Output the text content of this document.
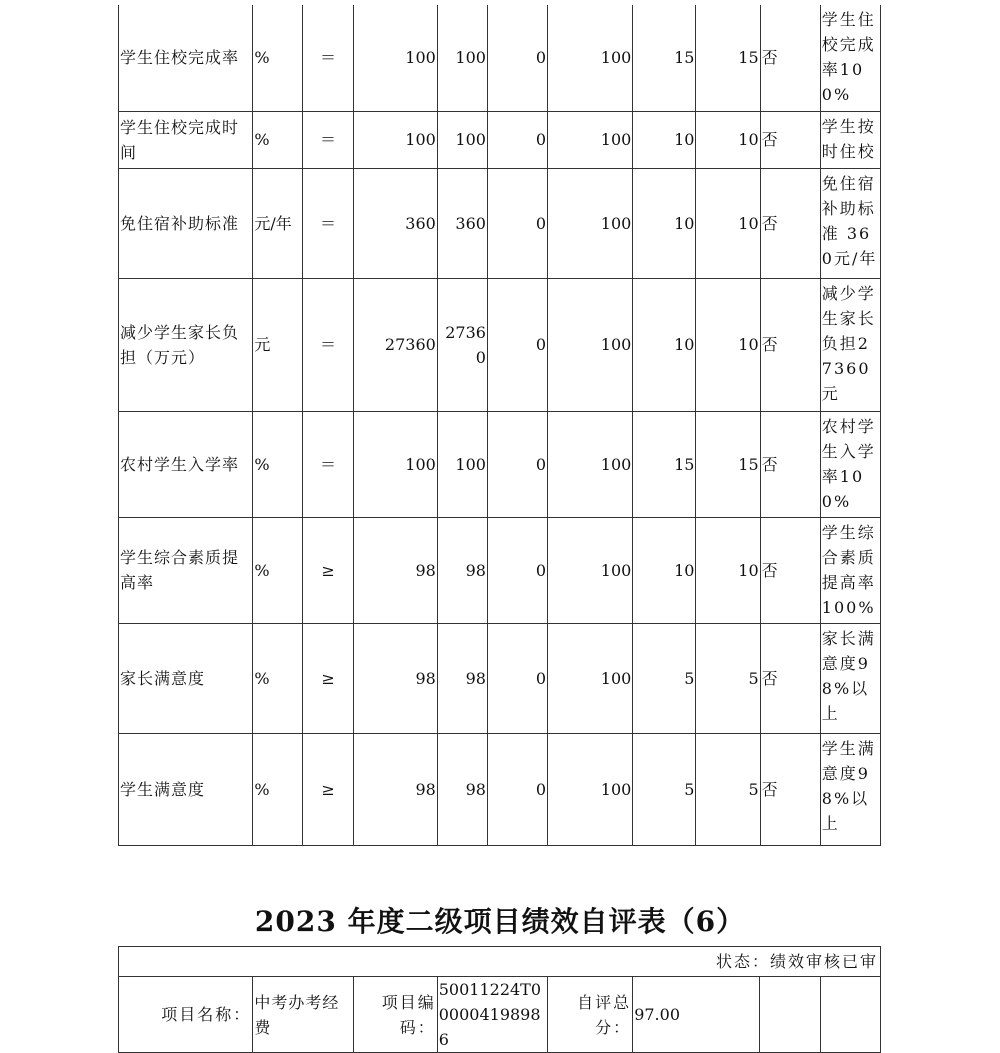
学生住校完成率	%	＝	100	100	0	100	15	15	否	学生住校完成率100%
学生住校完成时间	%	＝	100	100	0	100	10	10	否	学生按时住校
免住宿补助标准	元/年	＝	360	360	0	100	10	10	否	免住宿补助标准 360元/年
减少学生家长负担（万元）	元	＝	27360	27360	0	100	10	10	否	减少学生家长负担27360元
农村学生入学率	%	＝	100	100	0	100	15	15	否	农村学生入学率100%
学生综合素质提高率	%	≥	98	98	0	100	10	10	否	学生综合素质提高率100%
家长满意度	%	≥	98	98	0	100	5	5	否	家长满意度98%以上
学生满意度	%	≥	98	98	0	100	5	5	否	学生满意度98%以上
2023 年度二级项目绩效自评表（6）
状态：绩效审核已审
项目名称：	中考办考经费	项目编码：	50011224T000004198986	自评总分：	97.00		
